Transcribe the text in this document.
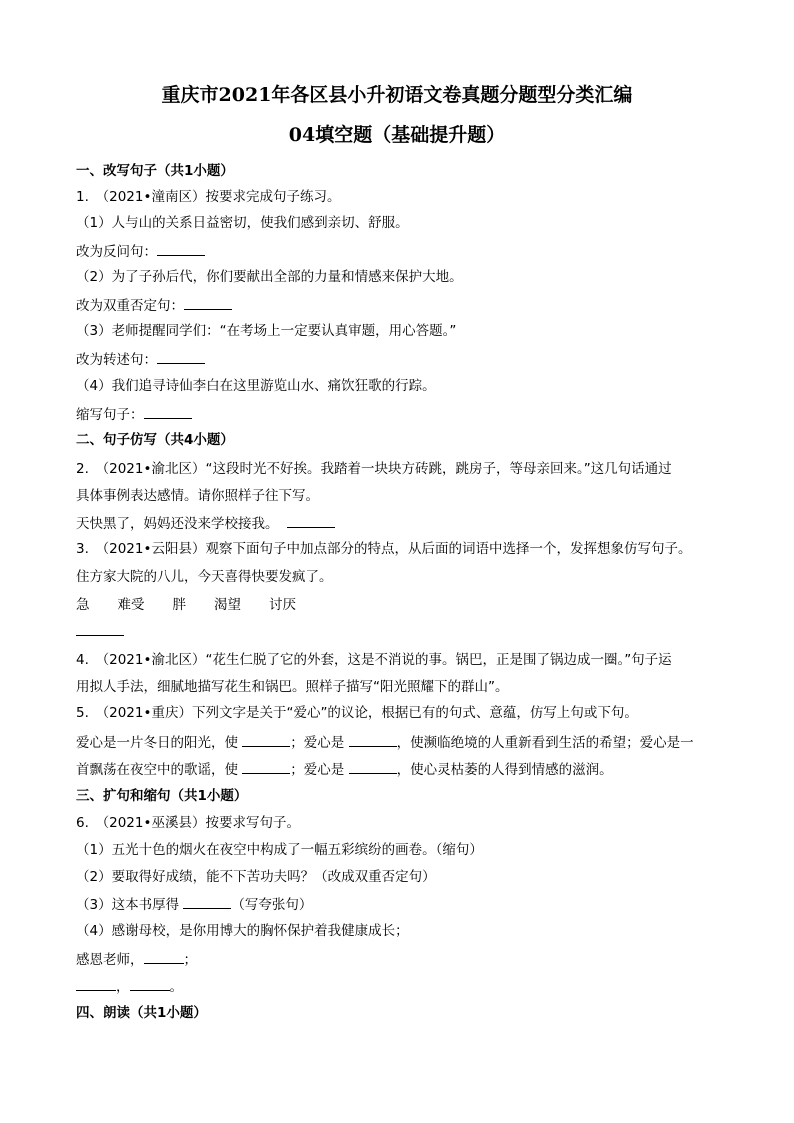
重庆市2021年各区县小升初语文卷真题分题型分类汇编
04填空题（基础提升题）
一、改写句子（共1小题）
1.　（2021•潼南区）按要求完成句子练习。
（1）人与山的关系日益密切，使我们感到亲切、舒服。
改为反问句：
（2）为了子孙后代，你们要献出全部的力量和情感来保护大地。
改为双重否定句：
（3）老师提醒同学们：“在考场上一定要认真审题，用心答题。”
改为转述句：
（4）我们追寻诗仙李白在这里游览山水、痛饮狂歌的行踪。
缩写句子：
二、句子仿写（共4小题）
2.　（2021•渝北区）“这段时光不好挨。我踏着一块块方砖跳，跳房子，等母亲回来。”这几句话通过
具体事例表达感情。请你照样子往下写。
天快黑了，妈妈还没来学校接我。
3.　（2021•云阳县）观察下面句子中加点部分的特点，从后面的词语中选择一个，发挥想象仿写句子。
住方家大院的八儿，今天喜得快要发疯了。
急 难受 胖 渴望 讨厌
4.　（2021•渝北区）“花生仁脱了它的外套，这是不消说的事。锅巴，正是围了锅边成一圈。”句子运
用拟人手法，细腻地描写花生和锅巴。照样子描写“阳光照耀下的群山”。
5.　（2021•重庆）下列文字是关于“爱心”的议论，根据已有的句式、意蕴，仿写上句或下句。
爱心是一片冬日的阳光，使	；爱心是	，使濒临绝境的人重新看到生活的希望；爱心是一
首飘荡在夜空中的歌谣，使	；爱心是	，使心灵枯萎的人得到情感的滋润。
三、扩句和缩句（共1小题）
6.　（2021•巫溪县）按要求写句子。
（1）五光十色的烟火在夜空中构成了一幅五彩缤纷的画卷。（缩句）
（2）要取得好成绩，能不下苦功夫吗？（改成双重否定句）
（3）这本书厚得	（写夸张句）
（4）感谢母校，是你用博大的胸怀保护着我健康成长；
感恩老师，	；
，	。
四、朗读（共1小题）
